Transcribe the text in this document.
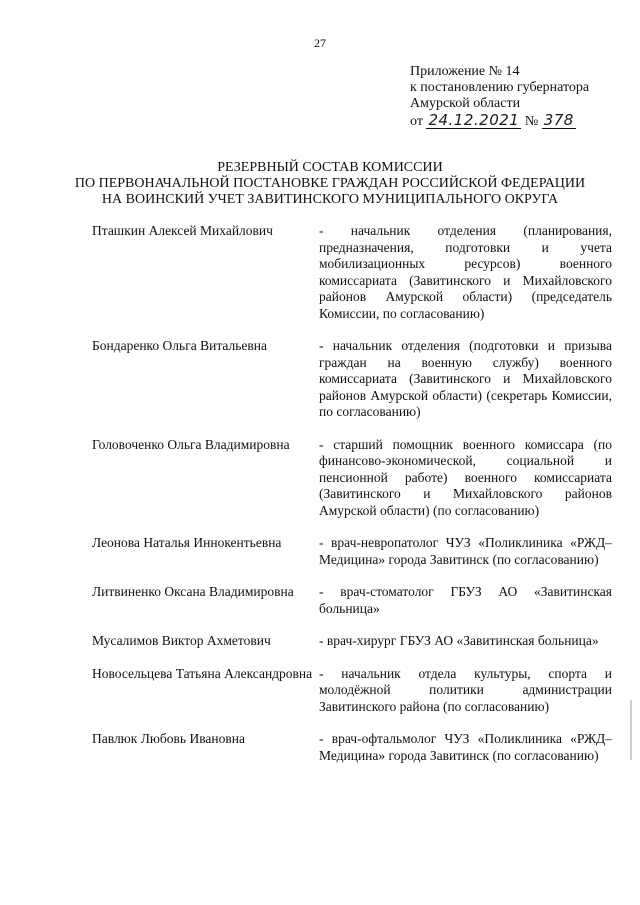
27
Приложение № 14
к постановлению губернатора
Амурской области
от 24.12.2021 № 378
РЕЗЕРВНЫЙ СОСТАВ КОМИССИИ
ПО ПЕРВОНАЧАЛЬНОЙ ПОСТАНОВКЕ ГРАЖДАН РОССИЙСКОЙ ФЕДЕРАЦИИ
НА ВОИНСКИЙ УЧЕТ ЗАВИТИНСКОГО МУНИЦИПАЛЬНОГО ОКРУГА
Пташкин Алексей Михайлович	- начальник отделения (планирования, предназначения, подготовки и учета мобилизационных ресурсов) военного комиссариата (Завитинского и Михайловского районов Амурской области) (председатель Комиссии, по согласованию)
Бондаренко Ольга Витальевна	- начальник отделения (подготовки и призыва граждан на военную службу) военного комиссариата (Завитинского и Михайловского районов Амурской области) (секретарь Комиссии, по согласованию)
Головоченко Ольга Владимировна	- старший помощник военного комиссара (по финансово-экономической, социальной и пенсионной работе) военного комиссариата (Завитинского и Михайловского районов Амурской области) (по согласованию)
Леонова Наталья Иннокентьевна	- врач-невропатолог ЧУЗ «Поликлиника «РЖД–Медицина» города Завитинск (по согласованию)
Литвиненко Оксана Владимировна	- врач-стоматолог ГБУЗ АО «Завитинская больница»
Мусалимов Виктор Ахметович	- врач-хирург ГБУЗ АО «Завитинская больница»
Новосельцева Татьяна Александровна - начальник отдела культуры, спорта и молодёжной политики администрации Завитинского района (по согласованию)
Павлюк Любовь Ивановна	- врач-офтальмолог ЧУЗ «Поликлиника «РЖД–Медицина» города Завитинск (по согласованию)
